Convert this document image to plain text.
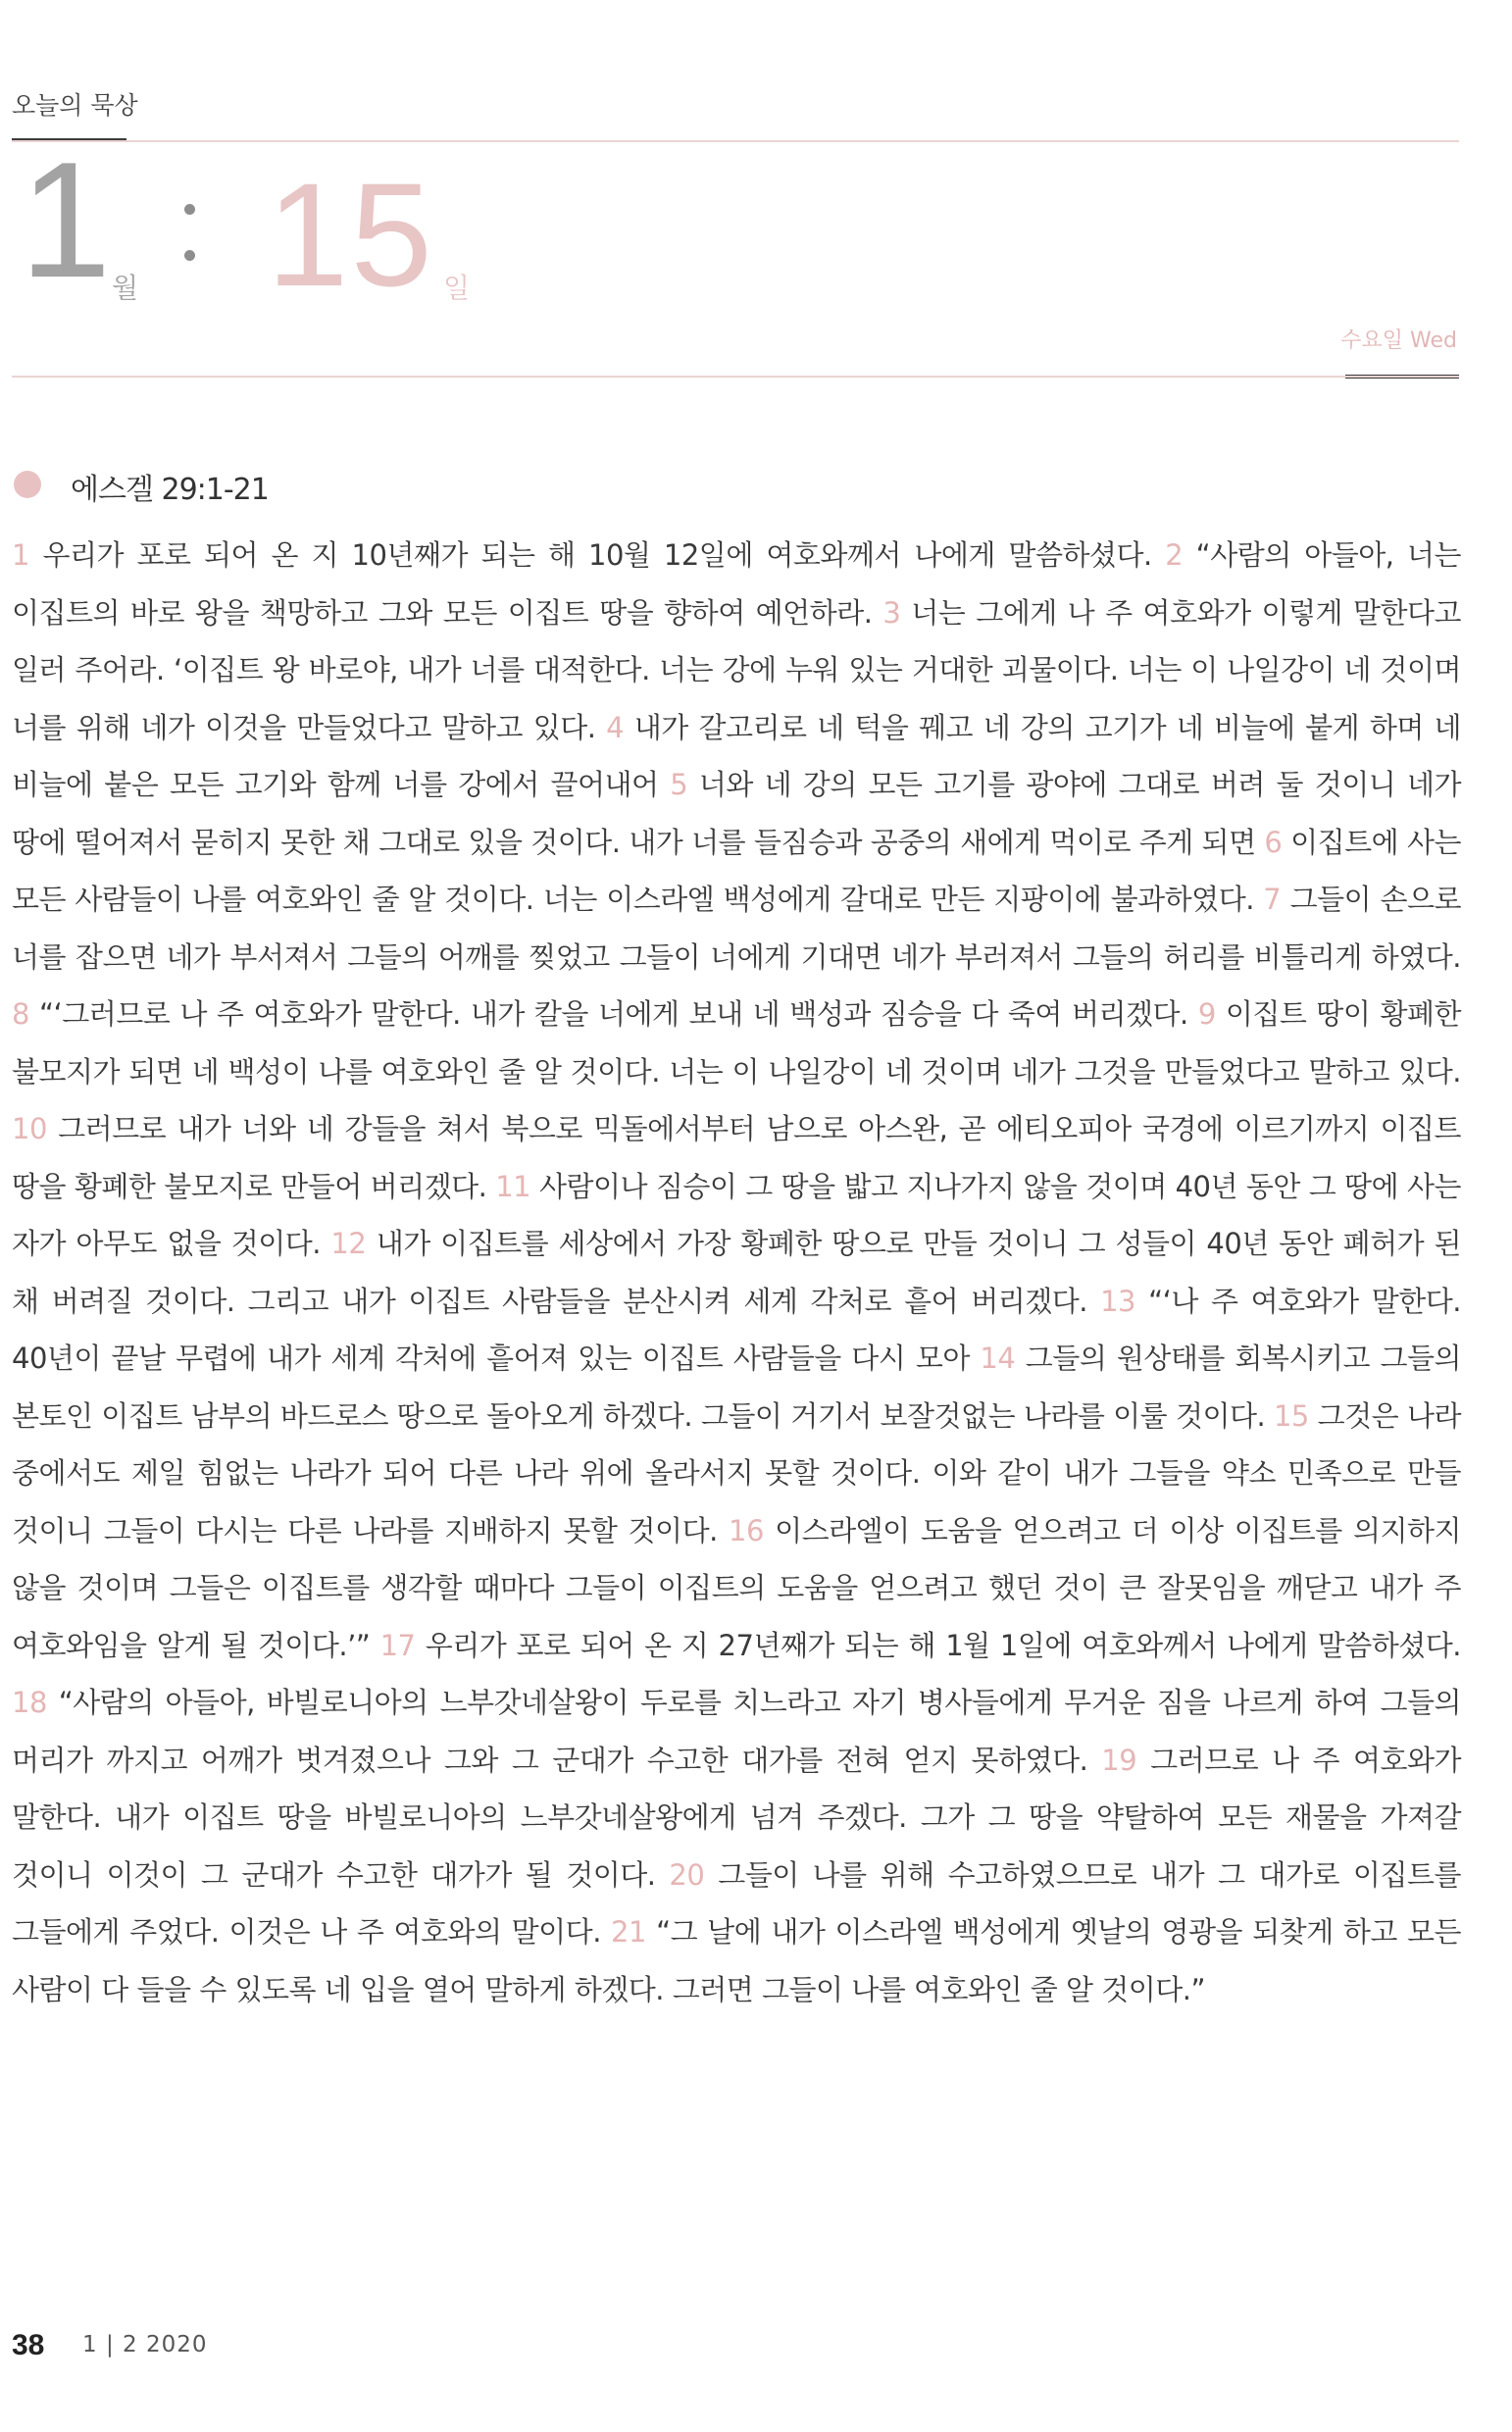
오늘의 묵상
1 월 15 일
수요일 Wed
에스겔 29:1-21

1 우리가 포로 되어 온 지 10년째가 되는 해 10월 12일에 여호와께서 나에게 말씀하셨다. 2 “사람의 아들아, 너는 이집트의 바로 왕을 책망하고 그와 모든 이집트 땅을 향하여 예언하라. 3 너는 그에게 나 주 여호와가 이렇게 말한다고 일러 주어라. ‘이집트 왕 바로야, 내가 너를 대적한다. 너는 강에 누워 있는 거대한 괴물이다. 너는 이 나일강이 네 것이며 너를 위해 네가 이것을 만들었다고 말하고 있다. 4 내가 갈고리로 네 턱을 꿰고 네 강의 고기가 네 비늘에 붙게 하며 네 비늘에 붙은 모든 고기와 함께 너를 강에서 끌어내어 5 너와 네 강의 모든 고기를 광야에 그대로 버려 둘 것이니 네가 땅에 떨어져서 묻히지 못한 채 그대로 있을 것이다. 내가 너를 들짐승과 공중의 새에게 먹이로 주게 되면 6 이집트에 사는 모든 사람들이 나를 여호와인 줄 알 것이다. 너는 이스라엘 백성에게 갈대로 만든 지팡이에 불과하였다. 7 그들이 손으로 너를 잡으면 네가 부서져서 그들의 어깨를 찢었고 그들이 너에게 기대면 네가 부러져서 그들의 허리를 비틀리게 하였다. 8 “‘그러므로 나 주 여호와가 말한다. 내가 칼을 너에게 보내 네 백성과 짐승을 다 죽여 버리겠다. 9 이집트 땅이 황폐한 불모지가 되면 네 백성이 나를 여호와인 줄 알 것이다. 너는 이 나일강이 네 것이며 네가 그것을 만들었다고 말하고 있다. 10 그러므로 내가 너와 네 강들을 쳐서 북으로 믹돌에서부터 남으로 아스완, 곧 에티오피아 국경에 이르기까지 이집트 땅을 황폐한 불모지로 만들어 버리겠다. 11 사람이나 짐승이 그 땅을 밟고 지나가지 않을 것이며 40년 동안 그 땅에 사는 자가 아무도 없을 것이다. 12 내가 이집트를 세상에서 가장 황폐한 땅으로 만들 것이니 그 성들이 40년 동안 폐허가 된 채 버려질 것이다. 그리고 내가 이집트 사람들을 분산시켜 세계 각처로 흩어 버리겠다. 13 “‘나 주 여호와가 말한다. 40년이 끝날 무렵에 내가 세계 각처에 흩어져 있는 이집트 사람들을 다시 모아 14 그들의 원상태를 회복시키고 그들의 본토인 이집트 남부의 바드로스 땅으로 돌아오게 하겠다. 그들이 거기서 보잘것없는 나라를 이룰 것이다. 15 그것은 나라 중에서도 제일 힘없는 나라가 되어 다른 나라 위에 올라서지 못할 것이다. 이와 같이 내가 그들을 약소 민족으로 만들 것이니 그들이 다시는 다른 나라를 지배하지 못할 것이다. 16 이스라엘이 도움을 얻으려고 더 이상 이집트를 의지하지 않을 것이며 그들은 이집트를 생각할 때마다 그들이 이집트의 도움을 얻으려고 했던 것이 큰 잘못임을 깨닫고 내가 주 여호와임을 알게 될 것이다.’” 17 우리가 포로 되어 온 지 27년째가 되는 해 1월 1일에 여호와께서 나에게 말씀하셨다. 18 “사람의 아들아, 바빌로니아의 느부갓네살왕이 두로를 치느라고 자기 병사들에게 무거운 짐을 나르게 하여 그들의 머리가 까지고 어깨가 벗겨졌으나 그와 그 군대가 수고한 대가를 전혀 얻지 못하였다. 19 그러므로 나 주 여호와가 말한다. 내가 이집트 땅을 바빌로니아의 느부갓네살왕에게 넘겨 주겠다. 그가 그 땅을 약탈하여 모든 재물을 가져갈 것이니 이것이 그 군대가 수고한 대가가 될 것이다. 20 그들이 나를 위해 수고하였으므로 내가 그 대가로 이집트를 그들에게 주었다. 이것은 나 주 여호와의 말이다. 21 “그 날에 내가 이스라엘 백성에게 옛날의 영광을 되찾게 하고 모든 사람이 다 들을 수 있도록 네 입을 열어 말하게 하겠다. 그러면 그들이 나를 여호와인 줄 알 것이다.”

38 1 | 2 2020
